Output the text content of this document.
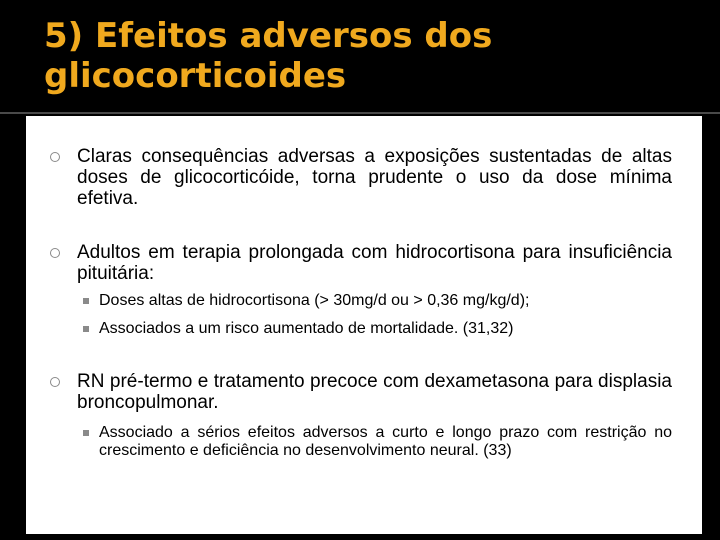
5) Efeitos adversos dos glicocorticoides
Claras consequências adversas a exposições sustentadas de altas doses de glicocorticóide, torna prudente o uso da dose mínima efetiva.
Adultos em terapia prolongada com hidrocortisona para insuficiência pituitária:
Doses altas de hidrocortisona (> 30mg/d ou > 0,36 mg/kg/d);
Associados a um risco aumentado de mortalidade. (31,32)
RN pré-termo e tratamento precoce com dexametasona para displasia broncopulmonar.
Associado a sérios efeitos adversos a curto e longo prazo com restrição no crescimento e deficiência no desenvolvimento neural. (33)
